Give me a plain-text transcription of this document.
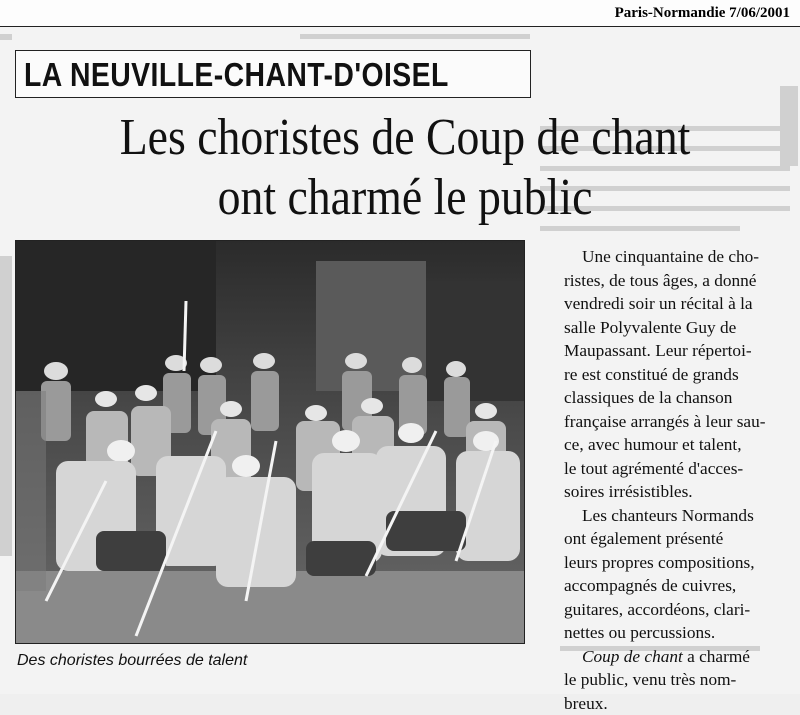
Paris-Normandie 7/06/2001
LA NEUVILLE-CHANT-D'OISEL
Les choristes de Coup de chant
ont charmé le public
Des choristes bourrées de talent

Une cinquantaine de cho-
ristes, de tous âges, a donné
vendredi soir un récital à la
salle Polyvalente Guy de
Maupassant. Leur répertoi-
re est constitué de grands
classiques de la chanson
française arrangés à leur sau-
ce, avec humour et talent,
le tout agrémenté d'acces-
soires irrésistibles.

Les chanteurs Normands
ont également présenté
leurs propres compositions,
accompagnés de cuivres,
guitares, accordéons, clari-
nettes ou percussions.

Coup de chant a charmé
le public, venu très nom-
breux.
